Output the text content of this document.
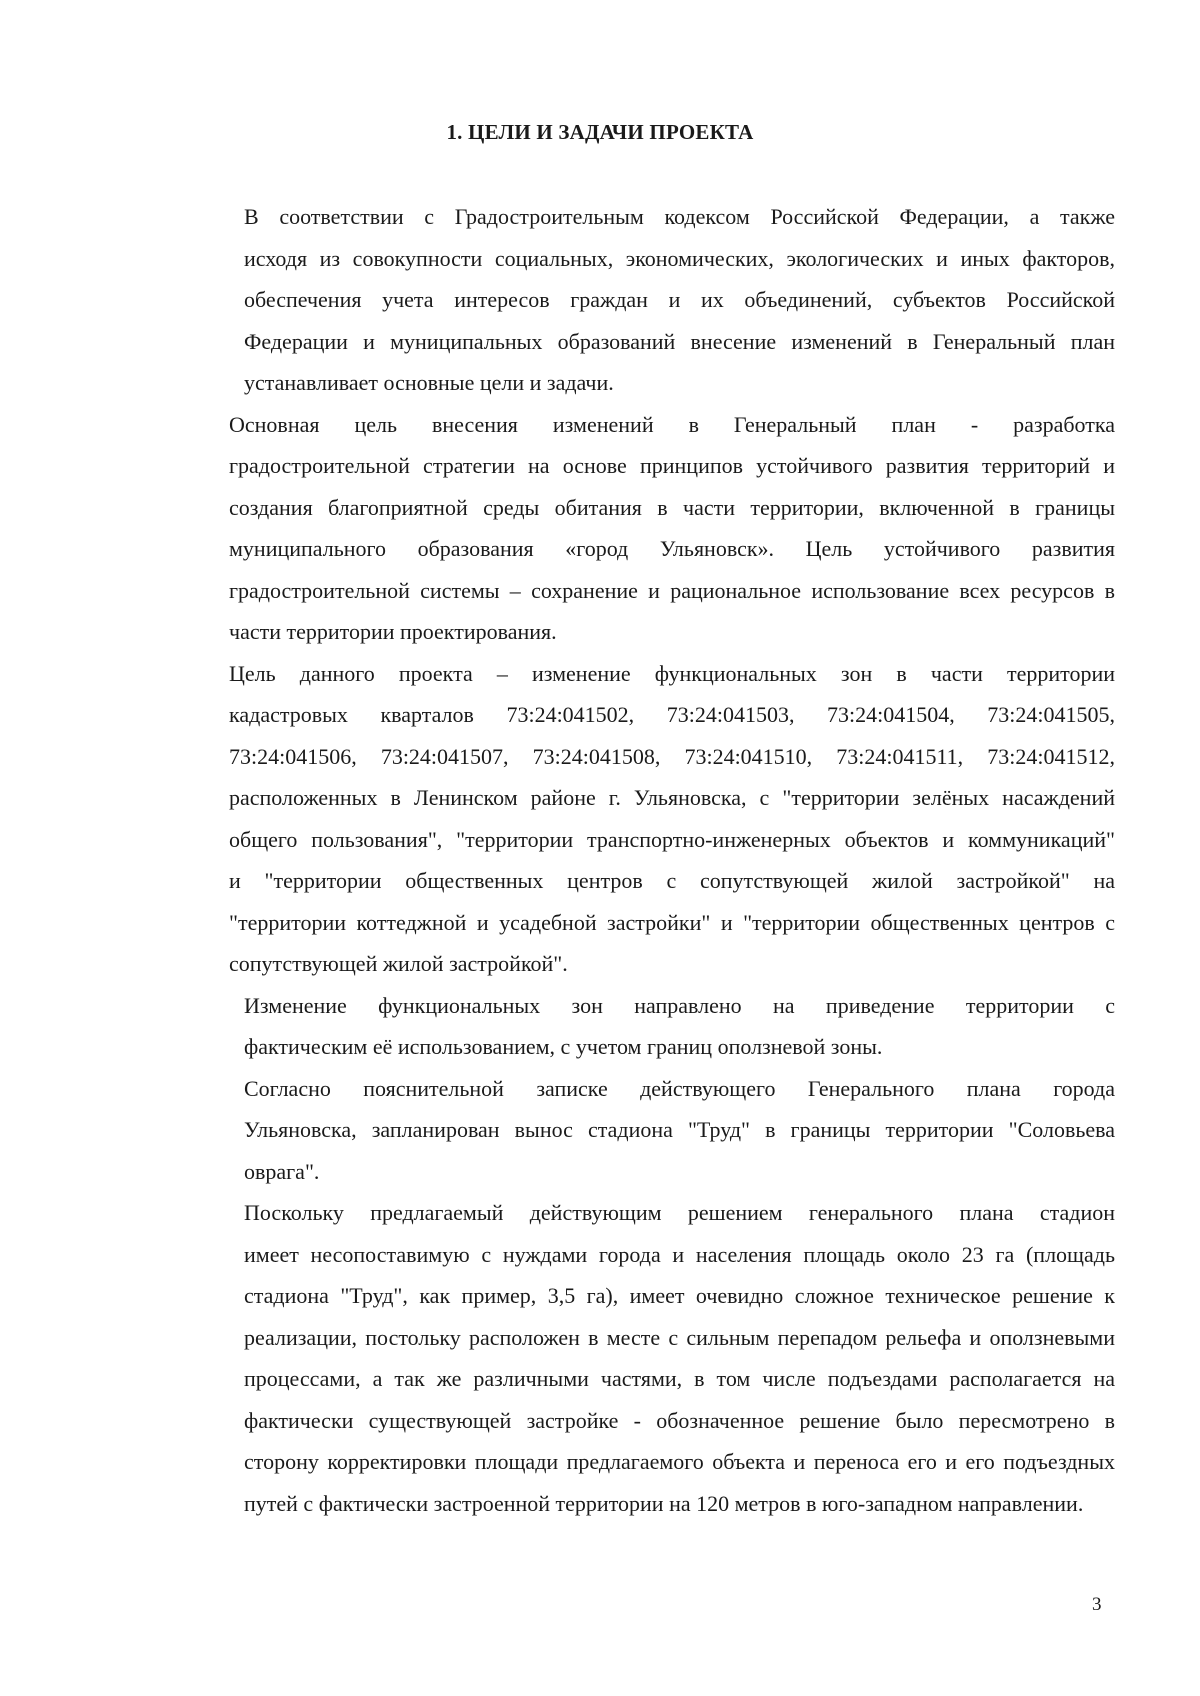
1. ЦЕЛИ И ЗАДАЧИ ПРОЕКТА

В соответствии с Градостроительным кодексом Российской Федерации, а также
исходя из совокупности социальных, экономических, экологических и иных факторов,
обеспечения учета интересов граждан и их объединений, субъектов Российской
Федерации и муниципальных образований внесение изменений в Генеральный план
устанавливает основные цели и задачи.

Основная цель внесения изменений в Генеральный план - разработка
градостроительной стратегии на основе принципов устойчивого развития территорий и
создания благоприятной среды обитания в части территории, включенной в границы
муниципального образования «город Ульяновск». Цель устойчивого развития
градостроительной системы – сохранение и рациональное использование всех ресурсов в
части территории проектирования.

Цель данного проекта – изменение функциональных зон в части территории
кадастровых кварталов 73:24:041502, 73:24:041503, 73:24:041504, 73:24:041505,
73:24:041506, 73:24:041507, 73:24:041508, 73:24:041510, 73:24:041511, 73:24:041512,
расположенных в Ленинском районе г. Ульяновска, с "территории зелёных насаждений
общего пользования", "территории транспортно-инженерных объектов и коммуникаций"
и "территории общественных центров с сопутствующей жилой застройкой" на
"территории коттеджной и усадебной застройки" и "территории общественных центров с
сопутствующей жилой застройкой".

Изменение функциональных зон направлено на приведение территории с
фактическим её использованием, с учетом границ оползневой зоны.

Согласно пояснительной записке действующего Генерального плана города
Ульяновска, запланирован вынос стадиона "Труд" в границы территории "Соловьева
оврага".

Поскольку предлагаемый действующим решением генерального плана стадион
имеет несопоставимую с нуждами города и населения площадь около 23 га (площадь
стадиона "Труд", как пример, 3,5 га), имеет очевидно сложное техническое решение к
реализации, постольку расположен в месте с сильным перепадом рельефа и оползневыми
процессами, а так же различными частями, в том числе подъездами располагается на
фактически существующей застройке - обозначенное решение было пересмотрено в
сторону корректировки площади предлагаемого объекта и переноса его и его подъездных
путей с фактически застроенной территории на 120 метров в юго-западном направлении.

3
